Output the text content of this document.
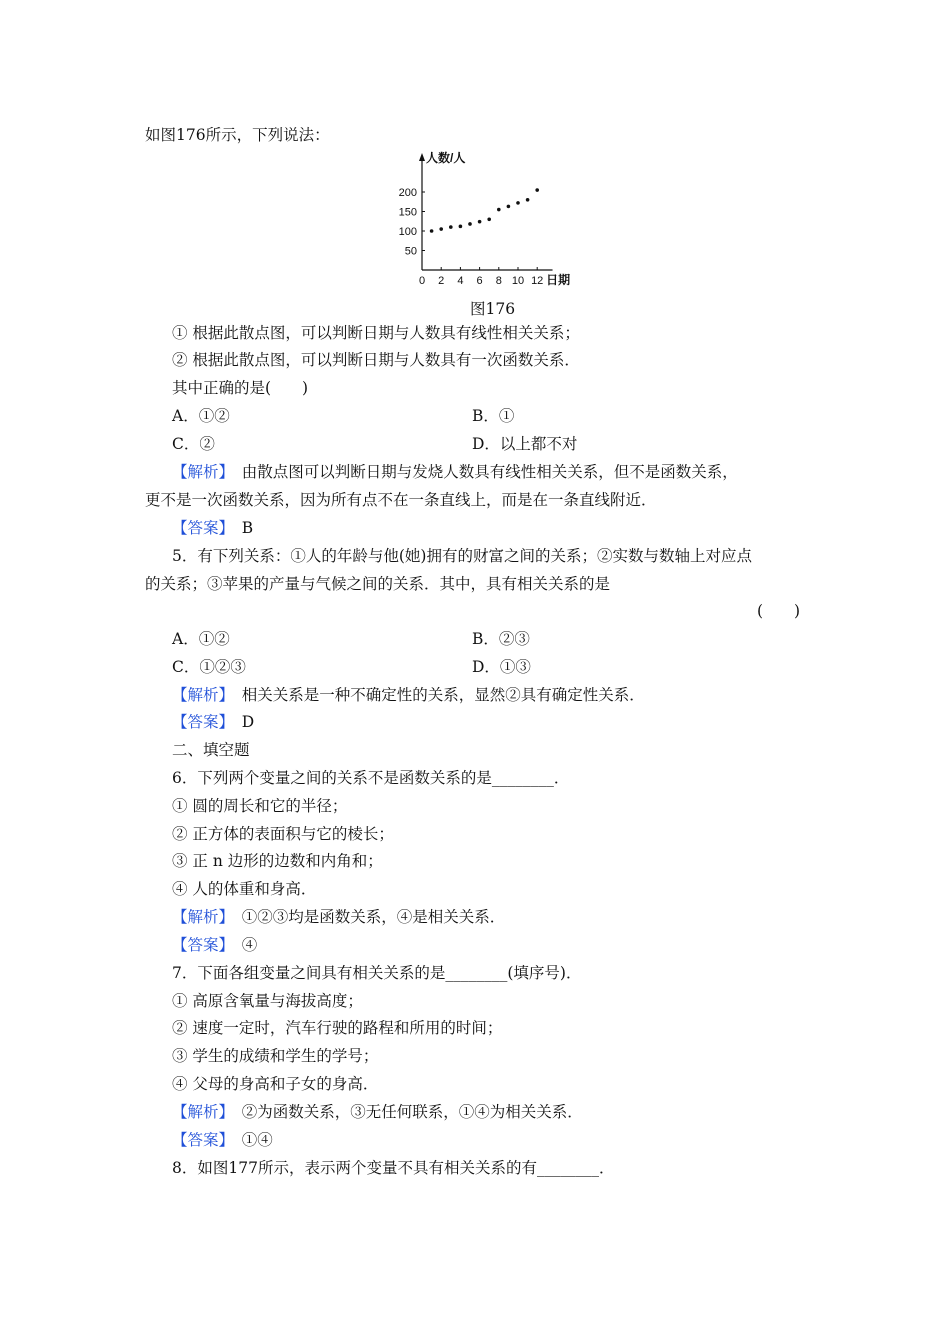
如图176所示，下列说法：
人数/人
日期
0 2 4 6 8 10 12
50
100
150
200
图176
① 根据此散点图，可以判断日期与人数具有线性相关关系；
② 根据此散点图，可以判断日期与人数具有一次函数关系．
其中正确的是(　　)
A．①②	B．①
C．②	D．以上都不对
【解析】　由散点图可以判断日期与发烧人数具有线性相关关系，但不是函数关系，
更不是一次函数关系，因为所有点不在一条直线上，而是在一条直线附近．
【答案】　B
5．有下列关系：①人的年龄与他(她)拥有的财富之间的关系；②实数与数轴上对应点
的关系；③苹果的产量与气候之间的关系．其中，具有相关关系的是
(　　)
A．①②	B．②③
C．①②③	D．①③
【解析】　相关关系是一种不确定性的关系，显然②具有确定性关系．
【答案】　D
二、填空题
6．下列两个变量之间的关系不是函数关系的是________．
① 圆的周长和它的半径；
② 正方体的表面积与它的棱长；
③ 正 n 边形的边数和内角和；
④ 人的体重和身高．
【解析】　①②③均是函数关系，④是相关关系．
【答案】　④
7．下面各组变量之间具有相关关系的是________(填序号)．
① 高原含氧量与海拔高度；
② 速度一定时，汽车行驶的路程和所用的时间；
③ 学生的成绩和学生的学号；
④ 父母的身高和子女的身高．
【解析】　②为函数关系，③无任何联系，①④为相关关系．
【答案】　①④
8．如图177所示，表示两个变量不具有相关关系的有________．
